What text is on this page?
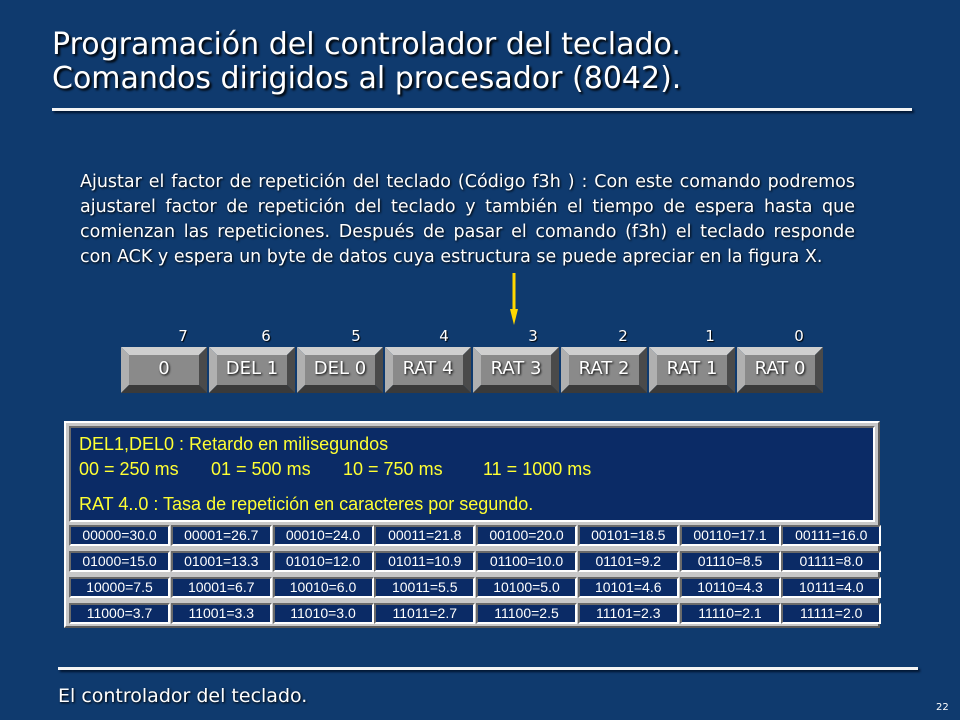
Programación del controlador del teclado.
Comandos dirigidos al procesador (8042).
Ajustar el factor de repetición del teclado (Código f3h ) : Con este comando podremos ajustarel factor de repetición del teclado y también el tiempo de espera hasta que comienzan las repeticiones. Después de pasar el comando (f3h) el teclado responde con ACK y espera un byte de datos cuya estructura se puede apreciar en la figura X.
7	6	5	4	3	2	1	0
0	DEL 1	DEL 0	RAT 4	RAT 3	RAT 2	RAT 1	RAT 0
DEL1,DEL0 : Retardo en milisegundos
00 = 250 ms 01 = 500 ms 10 = 750 ms 11 = 1000 ms
RAT 4..0 : Tasa de repetición en caracteres por segundo.
00000=30.0	00001=26.7	00010=24.0	00011=21.8	00100=20.0	00101=18.5	00110=17.1	00111=16.0
01000=15.0	01001=13.3	01010=12.0	01011=10.9	01100=10.0	01101=9.2	01110=8.5	01111=8.0
10000=7.5	10001=6.7	10010=6.0	10011=5.5	10100=5.0	10101=4.6	10110=4.3	10111=4.0
11000=3.7	11001=3.3	11010=3.0	11011=2.7	11100=2.5	11101=2.3	11110=2.1	11111=2.0
El controlador del teclado.
22
